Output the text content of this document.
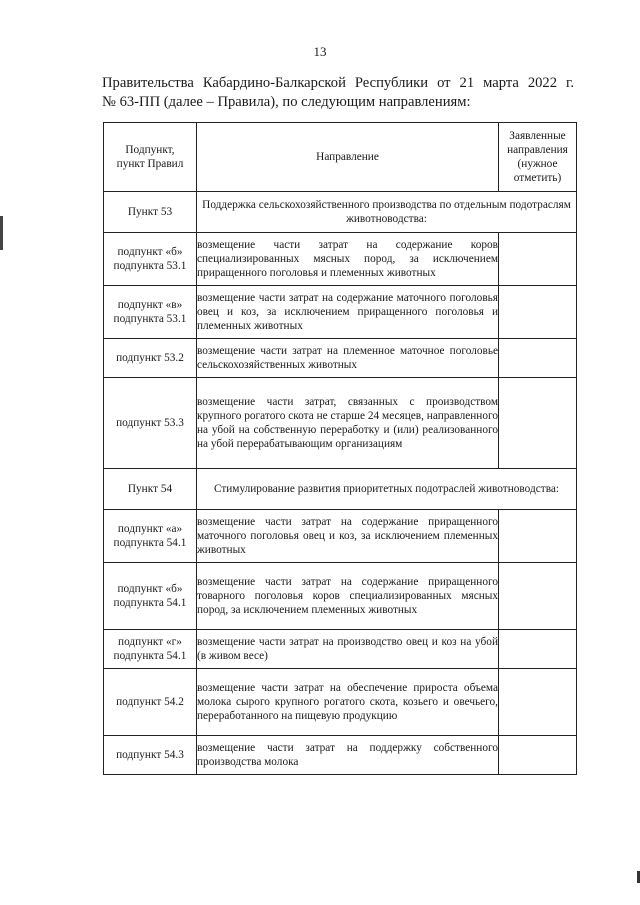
13
Правительства Кабардино-Балкарской Республики от 21 марта 2022 г.
№ 63-ПП (далее – Правила), по следующим направлениям:
Подпункт, пункт Правил	Направление	Заявленные направления (нужное отметить)
Пункт 53	Поддержка сельскохозяйственного производства по отдельным подотраслям животноводства:	
подпункт «б» подпункта 53.1	возмещение части затрат на содержание коров специализированных мясных пород, за исключением приращенного поголовья и племенных животных	
подпункт «в» подпункта 53.1	возмещение части затрат на содержание маточного поголовья овец и коз, за исключением приращенного поголовья и племенных животных	
подпункт 53.2	возмещение части затрат на племенное маточное поголовье сельскохозяйственных животных	
подпункт 53.3	возмещение части затрат, связанных с производством крупного рогатого скота не старше 24 месяцев, направленного на убой на собственную переработку и (или) реализованного на убой перерабатывающим организациям	
Пункт 54	Стимулирование развития приоритетных подотраслей животноводства:	
подпункт «а» подпункта 54.1	возмещение части затрат на содержание приращенного маточного поголовья овец и коз, за исключением племенных животных	
подпункт «б» подпункта 54.1	возмещение части затрат на содержание приращенного товарного поголовья коров специализированных мясных пород, за исключением племенных животных	
подпункт «г» подпункта 54.1	возмещение части затрат на производство овец и коз на убой (в живом весе)	
подпункт 54.2	возмещение части затрат на обеспечение прироста объема молока сырого крупного рогатого скота, козьего и овечьего, переработанного на пищевую продукцию	
подпункт 54.3	возмещение части затрат на поддержку собственного производства молока	
